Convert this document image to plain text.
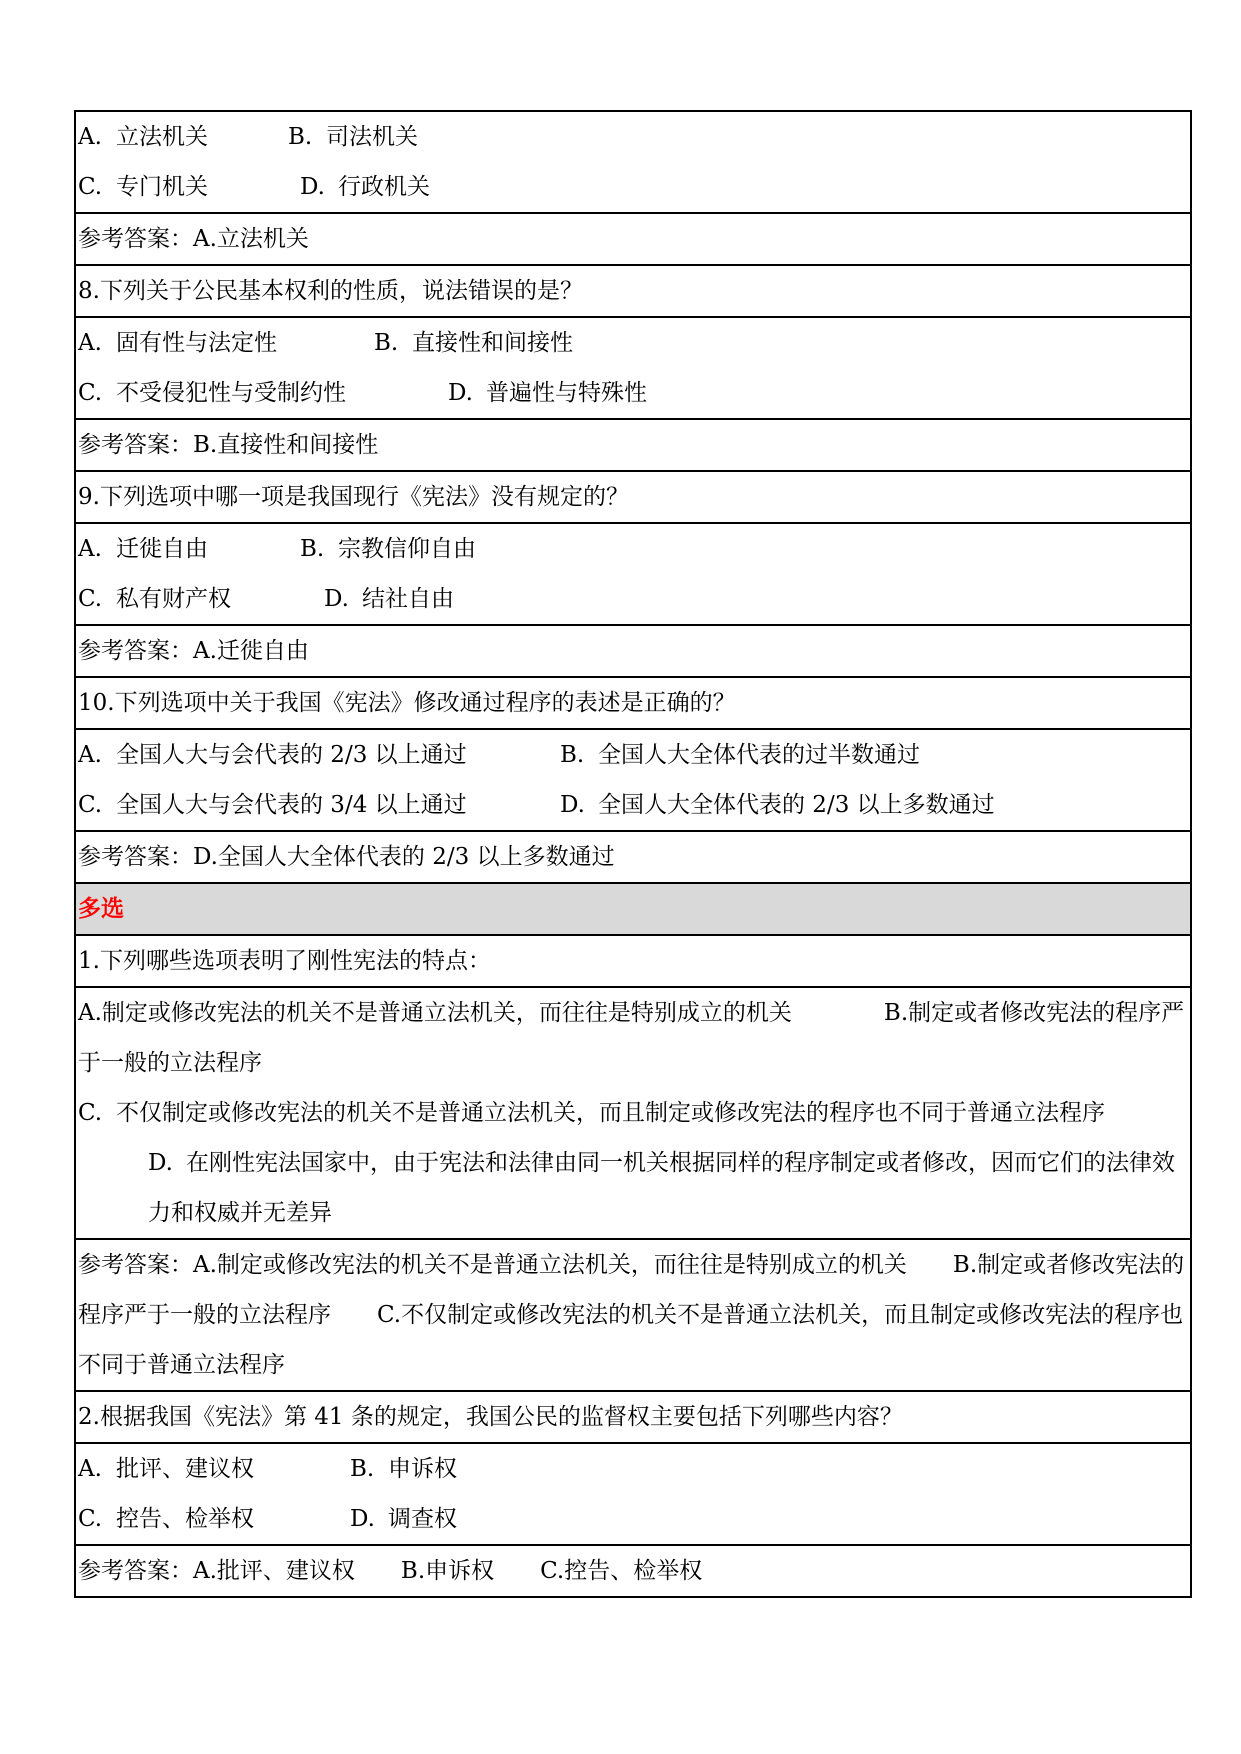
A. 立法机关	B. 司法机关
C. 专门机关	D. 行政机关
参考答案：A.立法机关
8.下列关于公民基本权利的性质，说法错误的是？
A. 固有性与法定性	B. 直接性和间接性
C. 不受侵犯性与受制约性	D. 普遍性与特殊性
参考答案：B.直接性和间接性
9.下列选项中哪一项是我国现行《宪法》没有规定的？
A. 迁徙自由	B. 宗教信仰自由
C. 私有财产权	D. 结社自由
参考答案：A.迁徙自由
10.下列选项中关于我国《宪法》修改通过程序的表述是正确的？
A. 全国人大与会代表的 2/3 以上通过	B. 全国人大全体代表的过半数通过
C. 全国人大与会代表的 3/4 以上通过	D. 全国人大全体代表的 2/3 以上多数通过
参考答案：D.全国人大全体代表的 2/3 以上多数通过
多选
1.下列哪些选项表明了刚性宪法的特点：
A.制定或修改宪法的机关不是普通立法机关，而往往是特别成立的机关　　　　	B.制定或者修改宪法的程序严于一般的立法程序
C. 不仅制定或修改宪法的机关不是普通立法机关，而且制定或修改宪法的程序也不同于普通立法程序
D. 在刚性宪法国家中，由于宪法和法律由同一机关根据同样的程序制定或者修改，因而它们的法律效力和权威并无差异
参考答案：A.制定或修改宪法的机关不是普通立法机关，而往往是特别成立的机关　　B.制定或者修改宪法的程序严于一般的立法程序　　C.不仅制定或修改宪法的机关不是普通立法机关，而且制定或修改宪法的程序也不同于普通立法程序
2.根据我国《宪法》第 41 条的规定，我国公民的监督权主要包括下列哪些内容？
A. 批评、建议权	B. 申诉权
C. 控告、检举权	D. 调查权
参考答案：A.批评、建议权　　B.申诉权　　C.控告、检举权
